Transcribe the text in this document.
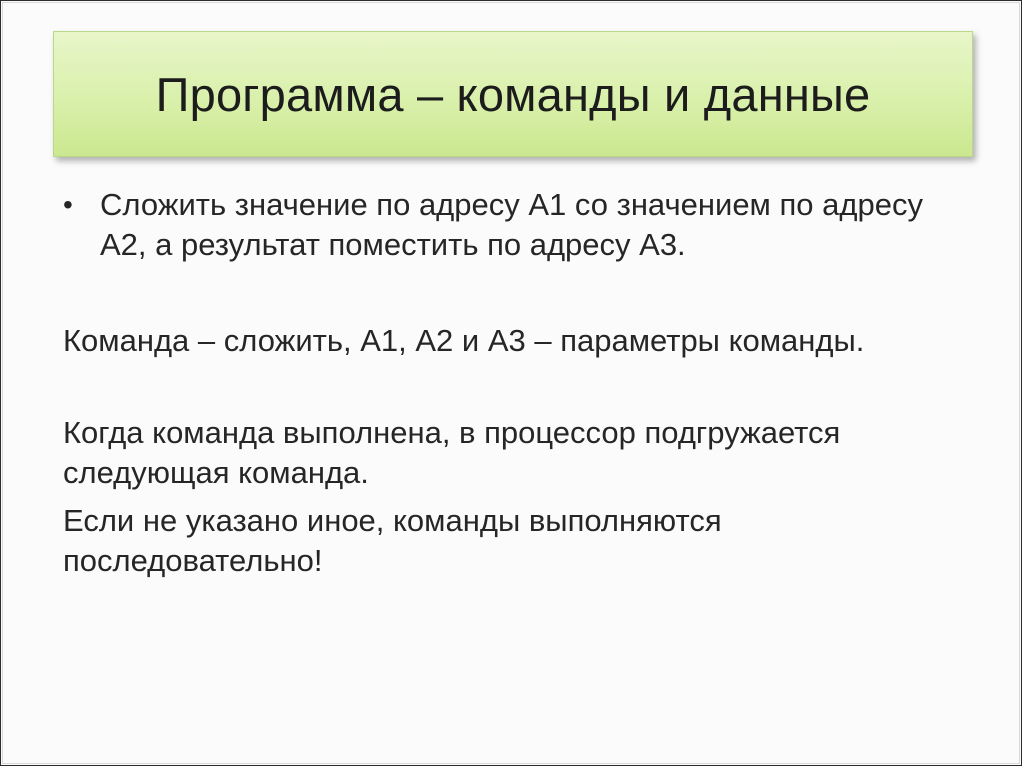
Программа – команды и данные
• Сложить значение по адресу А1 со значением по адресу А2, а результат поместить по адресу А3.

Команда – сложить, А1, А2 и А3 – параметры команды.

Когда команда выполнена, в процессор подгружается следующая команда.

Если не указано иное, команды выполняются последовательно!
